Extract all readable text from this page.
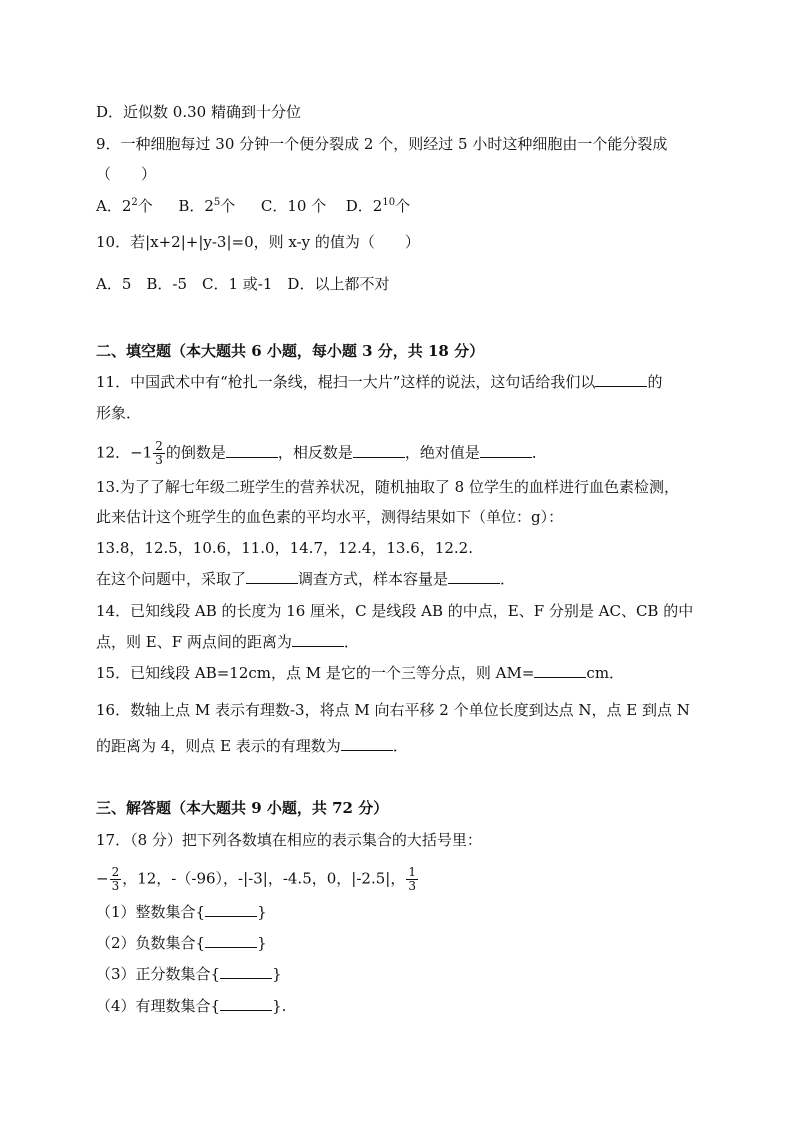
D．近似数 0.30 精确到十分位
9．一种细胞每过 30 分钟一个便分裂成 2 个，则经过 5 小时这种细胞由一个能分裂成
（　　）
A．$2^2$个 B．$2^5$个 C．10 个 D．$2^{10}$个
10．若|x+2|+|y-3|=0，则 x-y 的值为（　　）
A．5　B．-5　C．1 或-1　D．以上都不对
二、填空题（本大题共 6 小题，每小题 3 分，共 18 分）
11．中国武术中有“枪扎一条线，棍扫一大片”这样的说法，这句话给我们以	的
形象．
12．$-1 \frac{2}{3}$ 的倒数是	，相反数是	，绝对值是	．
13.为了了解七年级二班学生的营养状况，随机抽取了 8 位学生的血样进行血色素检测，
此来估计这个班学生的血色素的平均水平，测得结果如下（单位：g）：
13.8，12.5，10.6，11.0，14.7，12.4，13.6，12.2.
在这个问题中，采取了	调查方式，样本容量是	．
14．已知线段 AB 的长度为 16 厘米，C 是线段 AB 的中点，E、F 分别是 AC、CB 的中
点，则 E、F 两点间的距离为	．
15．已知线段 AB=12cm，点 M 是它的一个三等分点，则 AM=	cm．
16．数轴上点 M 表示有理数-3，将点 M 向右平移 2 个单位长度到达点 N，点 E 到点 N
的距离为 4，则点 E 表示的有理数为	．
三、解答题（本大题共 9 小题，共 72 分）
17．（8 分）把下列各数填在相应的表示集合的大括号里：
− $\frac{2}{3}$ ，12，-（-96），-|-3|，-4.5，0，|-2.5|， $\frac{1}{3}$
（1）整数集合{	}
（2）负数集合{	}
（3）正分数集合{	}
（4）有理数集合{	}.
